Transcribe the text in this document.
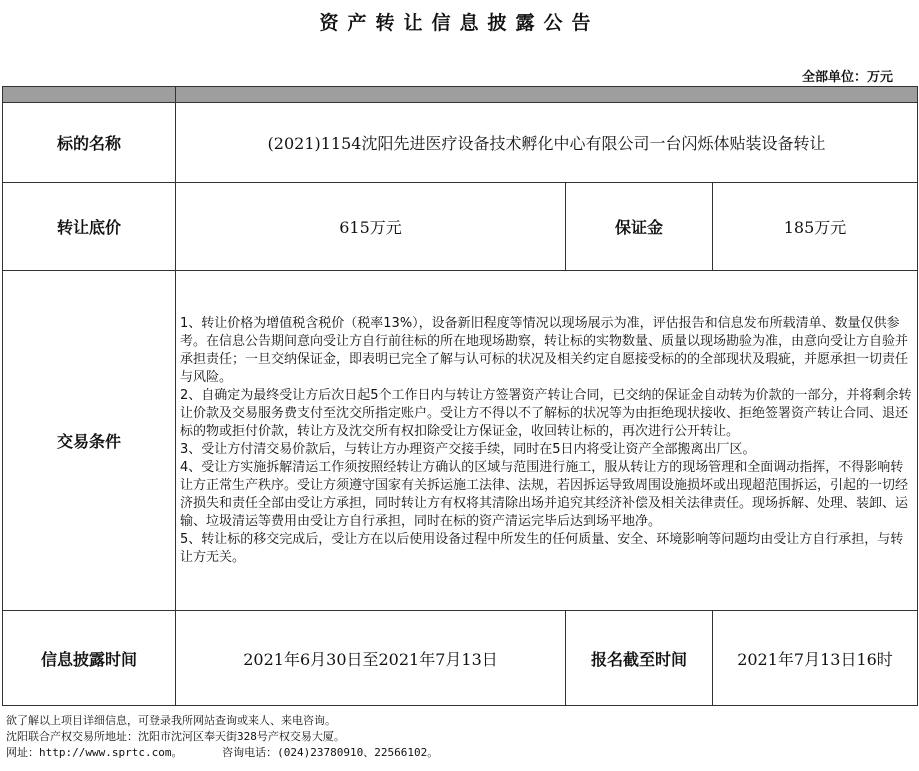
资产转让信息披露公告
全部单位：万元

标的名称	(2021)1154沈阳先进医疗设备技术孵化中心有限公司一台闪烁体贴装设备转让		
转让底价	615万元	保证金	185万元
交易条件	1、转让价格为增值税含税价（税率13%），设备新旧程度等情况以现场展示为准，评估报告和信息发布所载清单、数量仅供参考。在信息公告期间意向受让方自行前往标的所在地现场勘察，转让标的实物数量、质量以现场勘验为准，由意向受让方自验并承担责任；一旦交纳保证金，即表明已完全了解与认可标的状况及相关约定自愿接受标的的全部现状及瑕疵，并愿承担一切责任与风险。

2、自确定为最终受让方后次日起5个工作日内与转让方签署资产转让合同，已交纳的保证金自动转为价款的一部分，并将剩余转让价款及交易服务费支付至沈交所指定账户。受让方不得以不了解标的状况等为由拒绝现状接收、拒绝签署资产转让合同、退还标的物或拒付价款，转让方及沈交所有权扣除受让方保证金，收回转让标的，再次进行公开转让。

3、受让方付清交易价款后，与转让方办理资产交接手续，同时在5日内将受让资产全部搬离出厂区。

4、受让方实施拆解清运工作须按照经转让方确认的区域与范围进行施工，服从转让方的现场管理和全面调动指挥，不得影响转让方正常生产秩序。受让方须遵守国家有关拆运施工法律、法规，若因拆运导致周围设施损坏或出现超范围拆运，引起的一切经济损失和责任全部由受让方承担，同时转让方有权将其清除出场并追究其经济补偿及相关法律责任。现场拆解、处理、装卸、运输、垃圾清运等费用由受让方自行承担，同时在标的资产清运完毕后达到场平地净。

5、转让标的移交完成后，受让方在以后使用设备过程中所发生的任何质量、安全、环境影响等问题均由受让方自行承担，与转让方无关。		

信息披露时间	2021年6月30日至2021年7月13日	报名截至时间	2021年7月13日16时
欲了解以上项目详细信息，可登录我所网站查询或来人、来电咨询。
沈阳联合产权交易所地址：沈阳市沈河区奉天街328号产权交易大厦。
网址：http://www.sprtc.com。      咨询电话：(024)23780910、22566102。
